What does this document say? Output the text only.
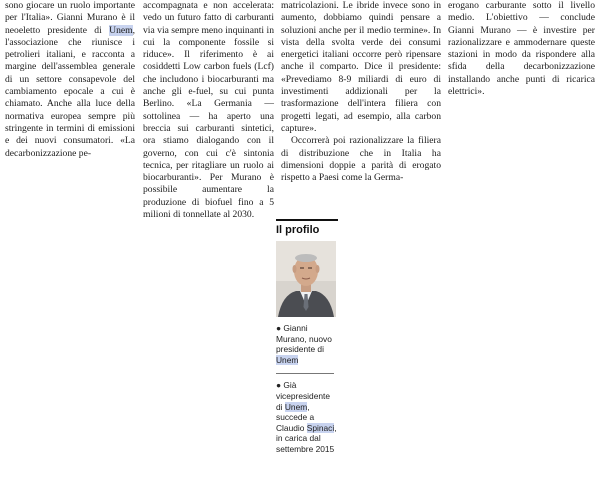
sono giocare un ruolo importante per l'Italia». Gianni Murano è il neoeletto presidente di Unem, l'associazione che riunisce i petrolieri italiani, e racconta a margine dell'assemblea generale di un settore consapevole del cambiamento epocale a cui è chiamato. Anche alla luce della normativa europea sempre più stringente in termini di emissioni e dei nuovi consumatori. «La decarbonizzazione pe-

accompagnata e non accelerata: vedo un futuro fatto di carburanti via via sempre meno inquinanti in cui la componente fossile si riduce». Il riferimento è ai cosiddetti Low carbon fuels (Lcf) che includono i biocarburanti ma anche gli e-fuel, su cui punta Berlino. «La Germania — sottolinea — ha aperto una breccia sui carburanti sintetici, ora stiamo dialogando con il governo, con cui c'è sintonia tecnica, per ritagliare un ruolo ai biocarburanti». Per Murano è possibile aumentare la produzione di biofuel fino a 5 milioni di tonnellate al 2030.

matricolazioni. Le ibride invece sono in aumento, dobbiamo quindi pensare a soluzioni anche per il medio termine». In vista della svolta verde dei consumi energetici italiani occorre però ripensare anche il comparto. Dice il presidente: «Prevediamo 8-9 miliardi di euro di investimenti addizionali per la trasformazione dell'intera filiera con progetti legati, ad esempio, alla carbon capture».

Occorrerà poi razionalizzare la filiera di distribuzione che in Italia ha dimensioni doppie a parità di erogato rispetto a Paesi come la Germa-

erogano carburante sotto il livello medio. L'obiettivo — conclude Gianni Murano — è investire per razionalizzare e ammodernare queste stazioni in modo da rispondere alla sfida della decarbonizzazione installando anche punti di ricarica elettrici».

Il profilo
● Gianni Murano, nuovo presidente di Unem
● Già vicepresidente di Unem, succede a Claudio Spinaci, in carica dal settembre 2015
